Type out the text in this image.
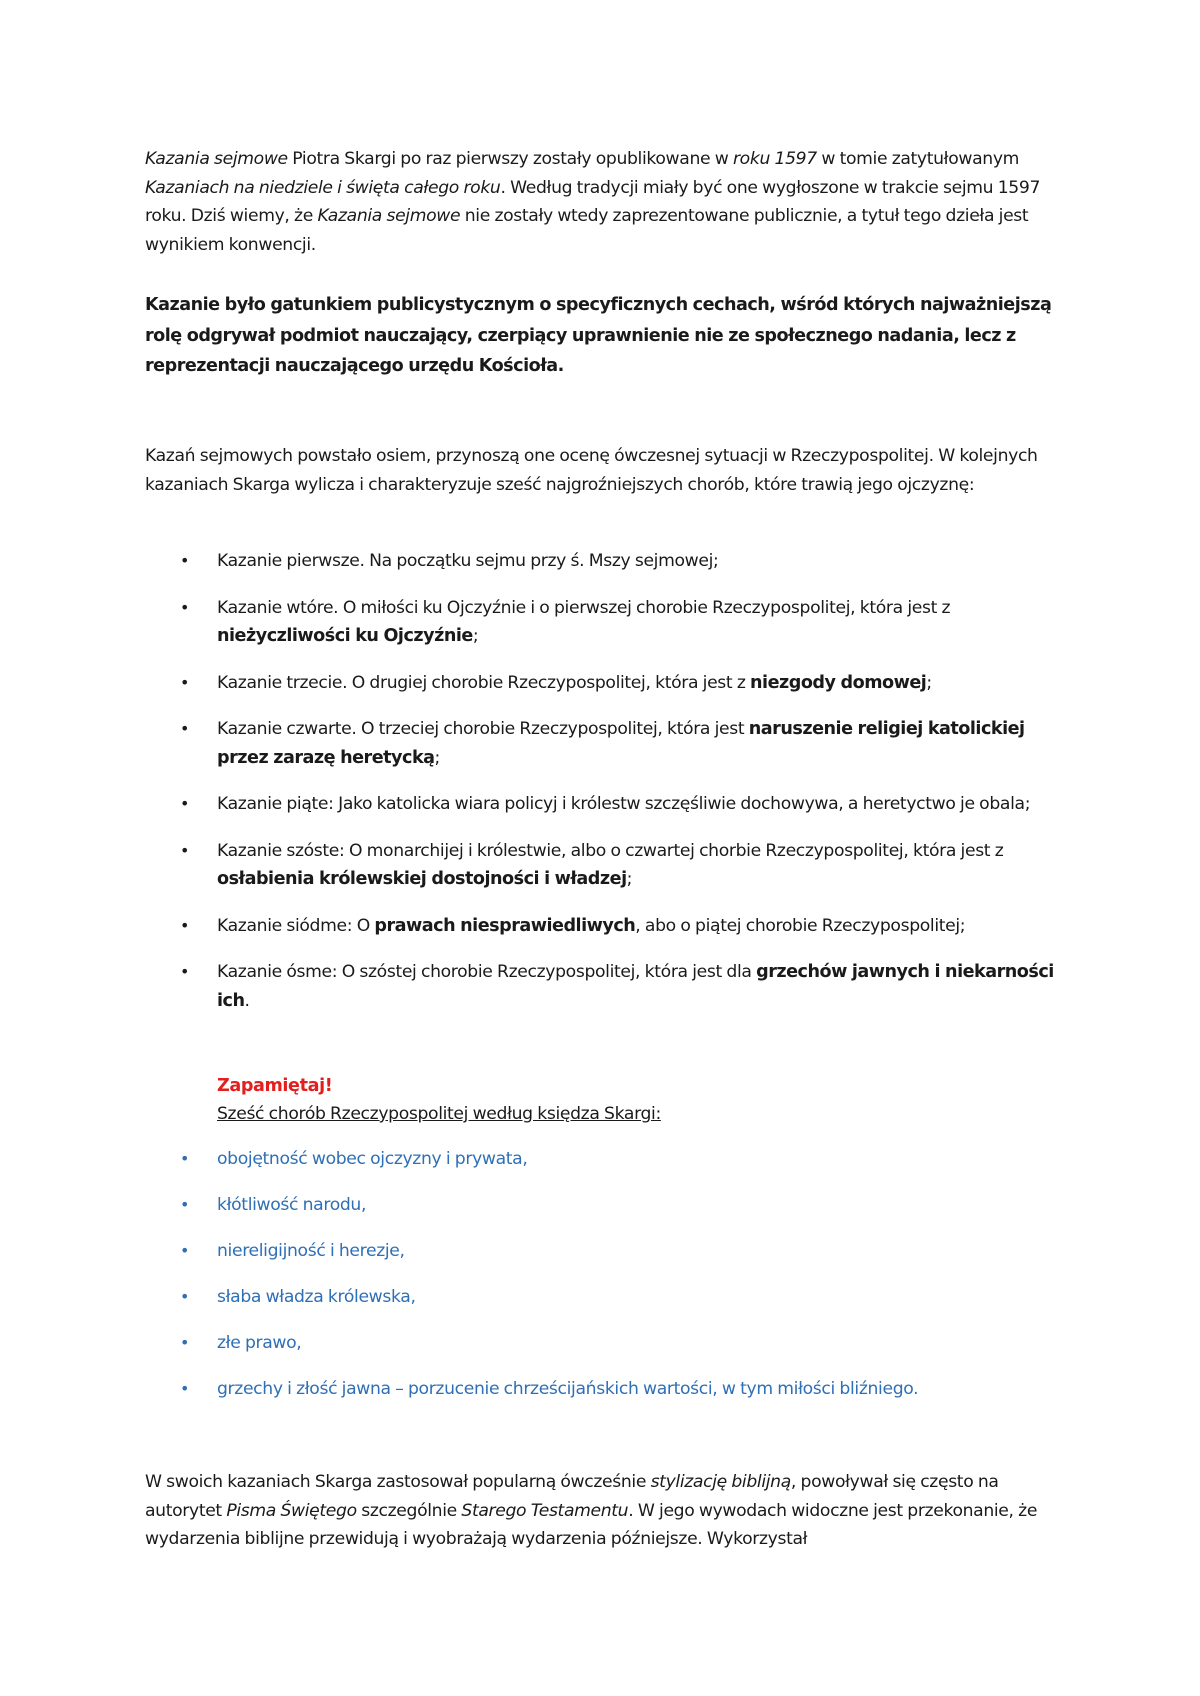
Kazania sejmowe Piotra Skargi po raz pierwszy zostały opublikowane w roku 1597 w tomie zatytułowanym Kazaniach na niedziele i święta całego roku. Według tradycji miały być one wygłoszone w trakcie sejmu 1597 roku. Dziś wiemy, że Kazania sejmowe nie zostały wtedy zaprezentowane publicznie, a tytuł tego dzieła jest wynikiem konwencji.

Kazanie było gatunkiem publicystycznym o specyficznych cechach, wśród których najważniejszą rolę odgrywał podmiot nauczający, czerpiący uprawnienie nie ze społecznego nadania, lecz z reprezentacji nauczającego urzędu Kościoła.

Kazań sejmowych powstało osiem, przynoszą one ocenę ówczesnej sytuacji w Rzeczypospolitej. W kolejnych kazaniach Skarga wylicza i charakteryzuje sześć najgroźniejszych chorób, które trawią jego ojczyznę:

• Kazanie pierwsze. Na początku sejmu przy ś. Mszy sejmowej;
• Kazanie wtóre. O miłości ku Ojczyźnie i o pierwszej chorobie Rzeczypospolitej, która jest z nieżyczliwości ku Ojczyźnie;
• Kazanie trzecie. O drugiej chorobie Rzeczypospolitej, która jest z niezgody domowej;
• Kazanie czwarte. O trzeciej chorobie Rzeczypospolitej, która jest naruszenie religiej katolickiej przez zarazę heretycką;
• Kazanie piąte: Jako katolicka wiara policyj i królestw szczęśliwie dochowywa, a heretyctwo je obala;
• Kazanie szóste: O monarchijej i królestwie, albo o czwartej chorbie Rzeczypospolitej, która jest z osłabienia królewskiej dostojności i władzej;
• Kazanie siódme: O prawach niesprawiedliwych, abo o piątej chorobie Rzeczypospolitej;
• Kazanie ósme: O szóstej chorobie Rzeczypospolitej, która jest dla grzechów jawnych i niekarności ich.

Zapamiętaj!

Sześć chorób Rzeczypospolitej według księdza Skargi:

• obojętność wobec ojczyzny i prywata,
• kłótliwość narodu,
• niereligijność i herezje,
• słaba władza królewska,
• złe prawo,
• grzechy i złość jawna – porzucenie chrześcijańskich wartości, w tym miłości bliźniego.

W swoich kazaniach Skarga zastosował popularną ówcześnie stylizację biblijną, powoływał się często na autorytet Pisma Świętego szczególnie Starego Testamentu. W jego wywodach widoczne jest przekonanie, że wydarzenia biblijne przewidują i wyobrażają wydarzenia późniejsze. Wykorzystał
